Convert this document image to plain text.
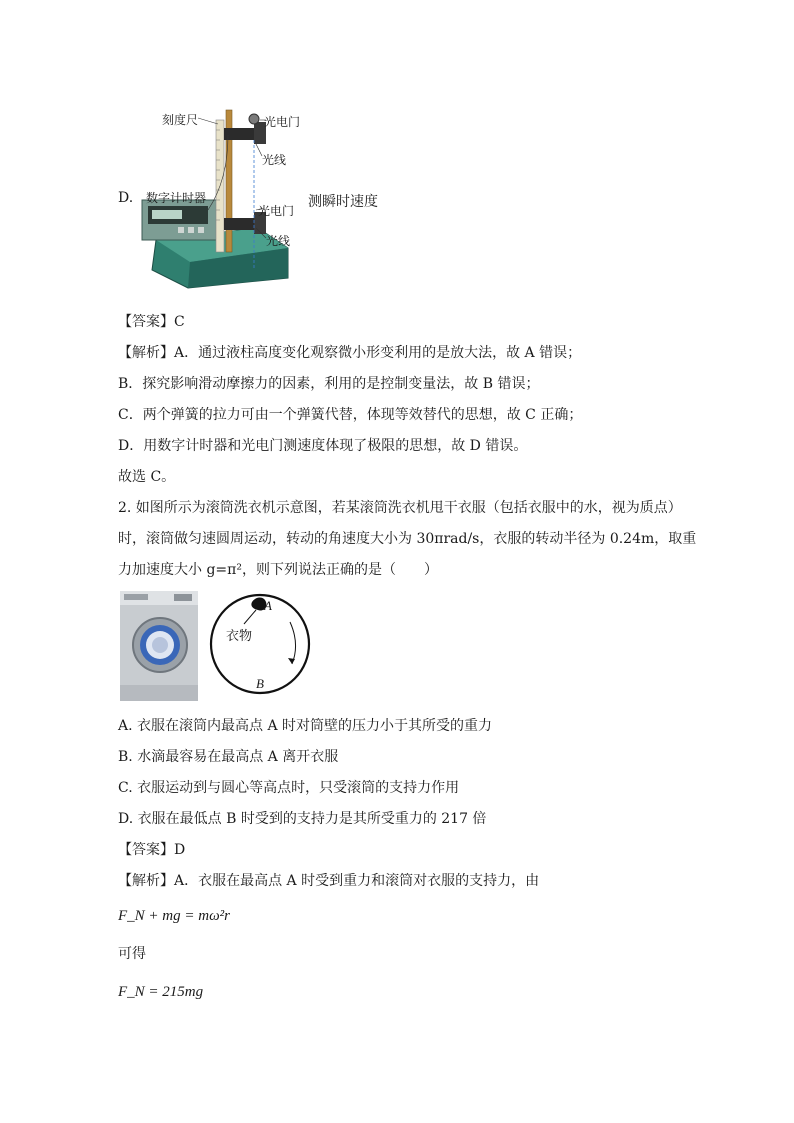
D.
刻度尺	光电门
光线
数字计时器
光电门
光线
测瞬时速度
【答案】C
【解析】A．通过液柱高度变化观察微小形变利用的是放大法，故 A 错误；
B．探究影响滑动摩擦力的因素，利用的是控制变量法，故 B 错误；
C．两个弹簧的拉力可由一个弹簧代替，体现等效替代的思想，故 C 正确；
D．用数字计时器和光电门测速度体现了极限的思想，故 D 错误。
故选 C。
2. 如图所示为滚筒洗衣机示意图，若某滚筒洗衣机甩干衣服（包括衣服中的水，视为质点）
时，滚筒做匀速圆周运动，转动的角速度大小为 30πrad/s，衣服的转动半径为 0.24m，取重
力加速度大小 g=π²，则下列说法正确的是（　　）
A
衣物
B
A. 衣服在滚筒内最高点 A 时对筒壁的压力小于其所受的重力
B. 水滴最容易在最高点 A 离开衣服
C. 衣服运动到与圆心等高点时，只受滚筒的支持力作用
D. 衣服在最低点 B 时受到的支持力是其所受重力的 217 倍
【答案】D
【解析】A．衣服在最高点 A 时受到重力和滚筒对衣服的支持力，由
F_N + mg = mω²r
可得
F_N = 215mg
